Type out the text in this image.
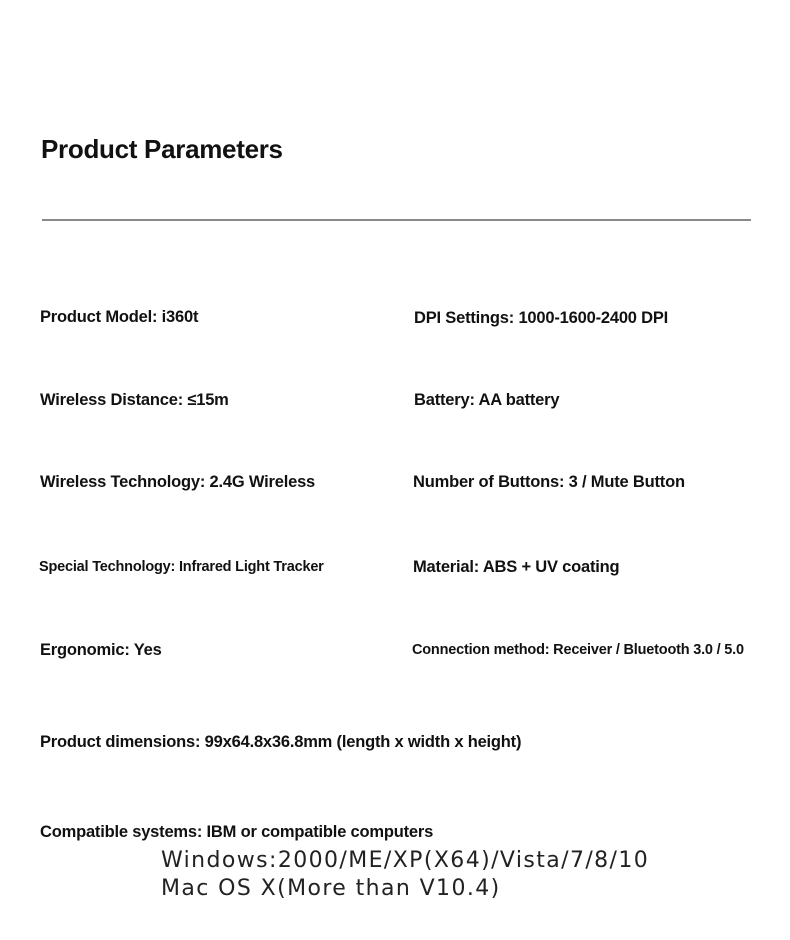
Product Parameters
Product Model: i360t	DPI Settings: 1000-1600-2400 DPI
Wireless Distance: ≤15m	Battery: AA battery
Wireless Technology: 2.4G Wireless	Number of Buttons: 3 / Mute Button
Special Technology: Infrared Light Tracker	Material: ABS + UV coating
Ergonomic: Yes	Connection method: Receiver / Bluetooth 3.0 / 5.0
Product dimensions: 99x64.8x36.8mm (length x width x height)
Compatible systems: IBM or compatible computers
Windows:2000/ME/XP(X64)/Vista/7/8/10
Mac OS X(More than V10.4)
